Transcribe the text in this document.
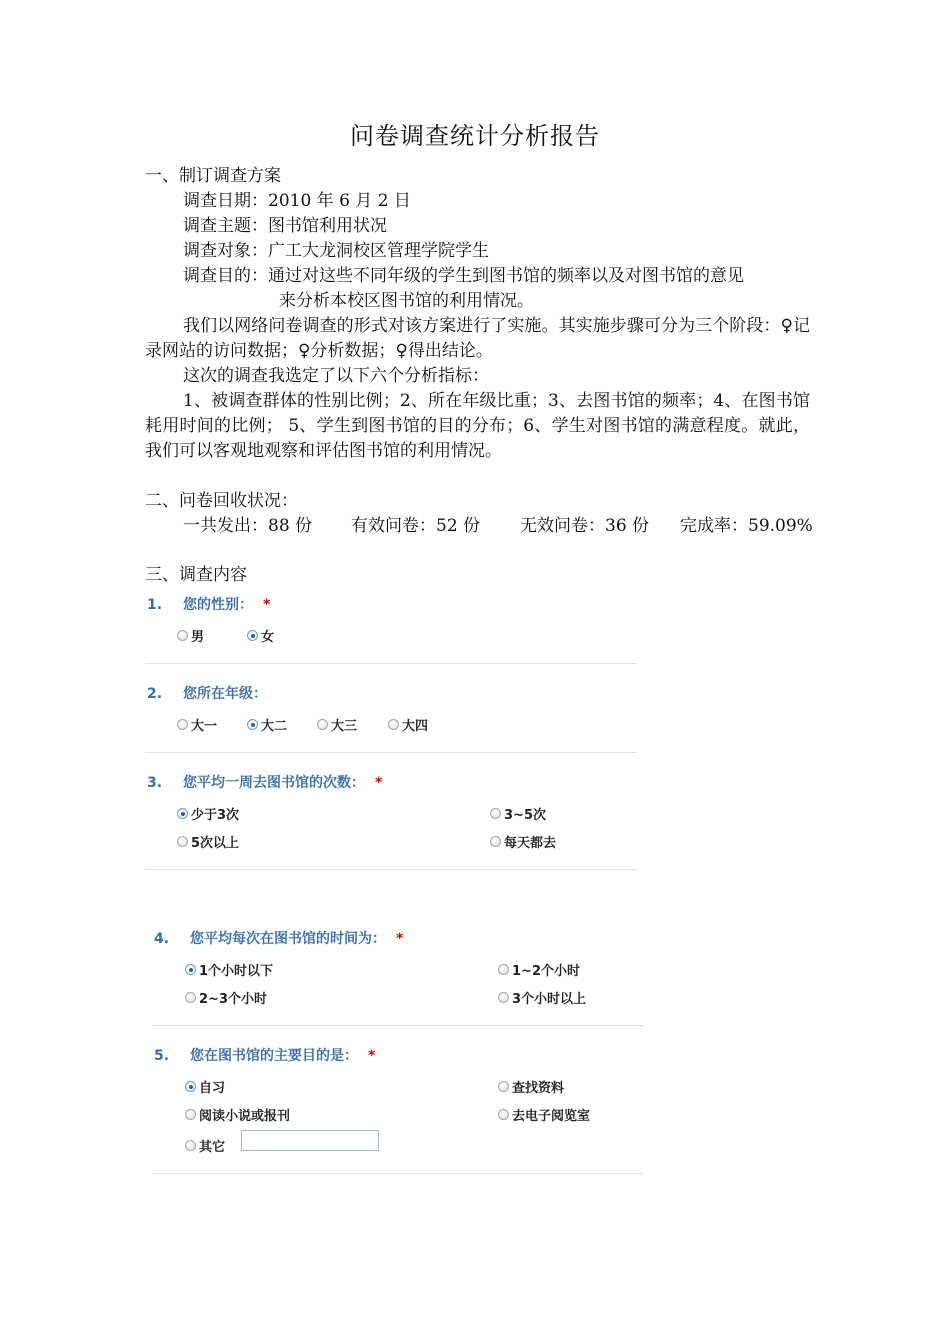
问卷调查统计分析报告
一、制订调查方案
调查日期：2010 年 6 月 2 日
调查主题：图书馆利用状况
调查对象：广工大龙洞校区管理学院学生
调查目的：通过对这些不同年级的学生到图书馆的频率以及对图书馆的意见
来分析本校区图书馆的利用情况。
我们以网络问卷调查的形式对该方案进行了实施。其实施步骤可分为三个阶段：♀记录网站的访问数据；♀分析数据；♀得出结论。
这次的调查我选定了以下六个分析指标：
1、被调查群体的性别比例；2、所在年级比重；3、去图书馆的频率；4、在图书馆耗用时间的比例； 5、学生到图书馆的目的分布；6、学生对图书馆的满意程度。就此，我们可以客观地观察和评估图书馆的利用情况。
二、问卷回收状况：
一共发出：88 份 有效问卷：52 份 无效问卷：36 份 完成率：59.09%
三、调查内容
1. 您的性别： *
男	女
2. 您所在年级：
大一	大二	大三	大四
3. 您平均一周去图书馆的次数： *
少于3次	3~5次
5次以上	每天都去
4. 您平均每次在图书馆的时间为： *
1个小时以下	1~2个小时
2~3个小时	3个小时以上
5. 您在图书馆的主要目的是： *
自习	查找资料
阅读小说或报刊	去电子阅览室
其它
